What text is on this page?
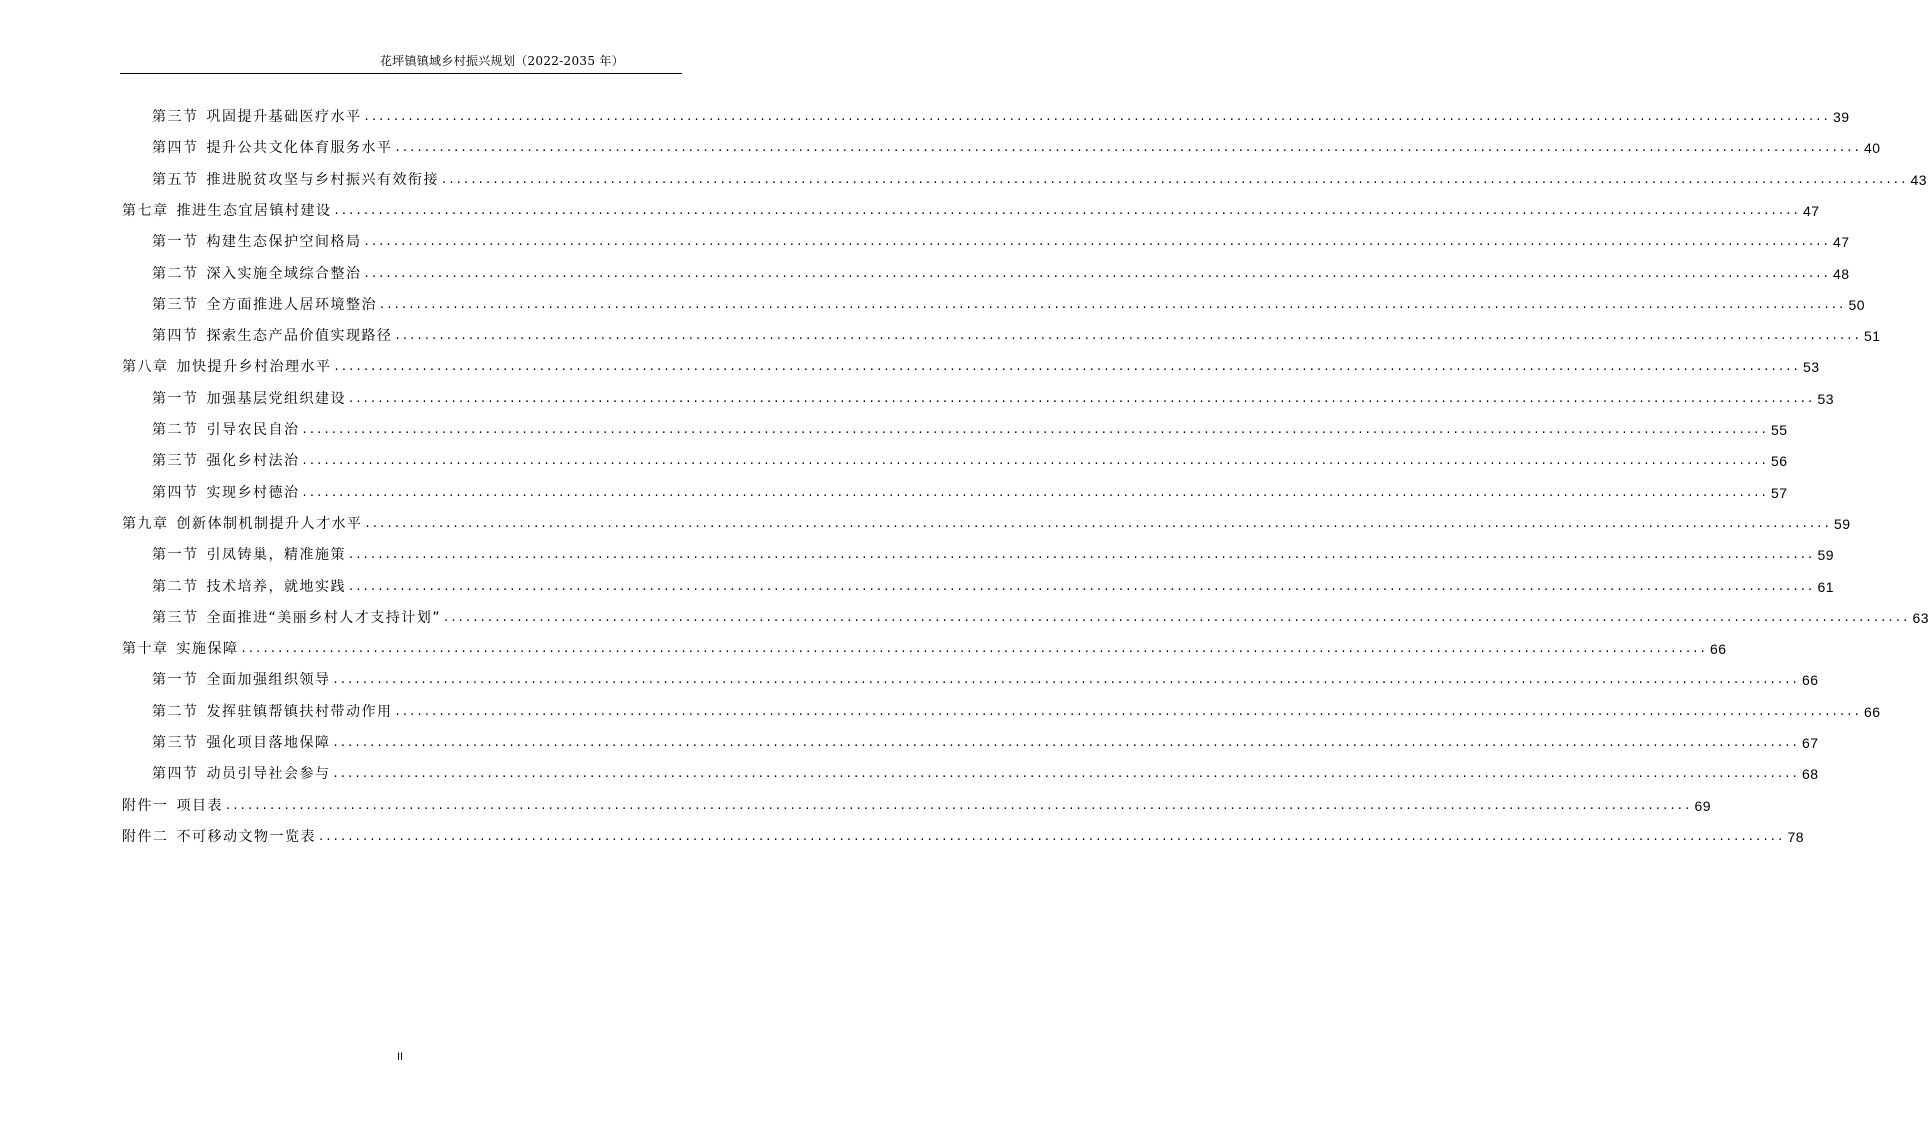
花坪镇镇域乡村振兴规划（2022-2035 年）
第三节 巩固提升基础医疗水平 ........................................................................................................................................................................................................ 39
第四节 提升公共文化体育服务水平 ........................................................................................................................................................................................................ 40
第五节 推进脱贫攻坚与乡村振兴有效衔接 ........................................................................................................................................................................................................ 43
第七章 推进生态宜居镇村建设 ........................................................................................................................................................................................................ 47
第一节 构建生态保护空间格局 ........................................................................................................................................................................................................ 47
第二节 深入实施全域综合整治 ........................................................................................................................................................................................................ 48
第三节 全方面推进人居环境整治 ........................................................................................................................................................................................................ 50
第四节 探索生态产品价值实现路径 ........................................................................................................................................................................................................ 51
第八章 加快提升乡村治理水平 ........................................................................................................................................................................................................ 53
第一节 加强基层党组织建设 ........................................................................................................................................................................................................ 53
第二节 引导农民自治 ........................................................................................................................................................................................................ 55
第三节 强化乡村法治 ........................................................................................................................................................................................................ 56
第四节 实现乡村德治 ........................................................................................................................................................................................................ 57
第九章 创新体制机制提升人才水平 ........................................................................................................................................................................................................ 59
第一节 引凤铸巢，精准施策 ........................................................................................................................................................................................................ 59
第二节 技术培养，就地实践 ........................................................................................................................................................................................................ 61
第三节 全面推进“美丽乡村人才支持计划” ........................................................................................................................................................................................................ 63
第十章 实施保障 ........................................................................................................................................................................................................ 66
第一节 全面加强组织领导 ........................................................................................................................................................................................................ 66
第二节 发挥驻镇帮镇扶村带动作用 ........................................................................................................................................................................................................ 66
第三节 强化项目落地保障 ........................................................................................................................................................................................................ 67
第四节 动员引导社会参与 ........................................................................................................................................................................................................ 68
附件一 项目表 ........................................................................................................................................................................................................ 69
附件二 不可移动文物一览表 ........................................................................................................................................................................................................ 78
II
